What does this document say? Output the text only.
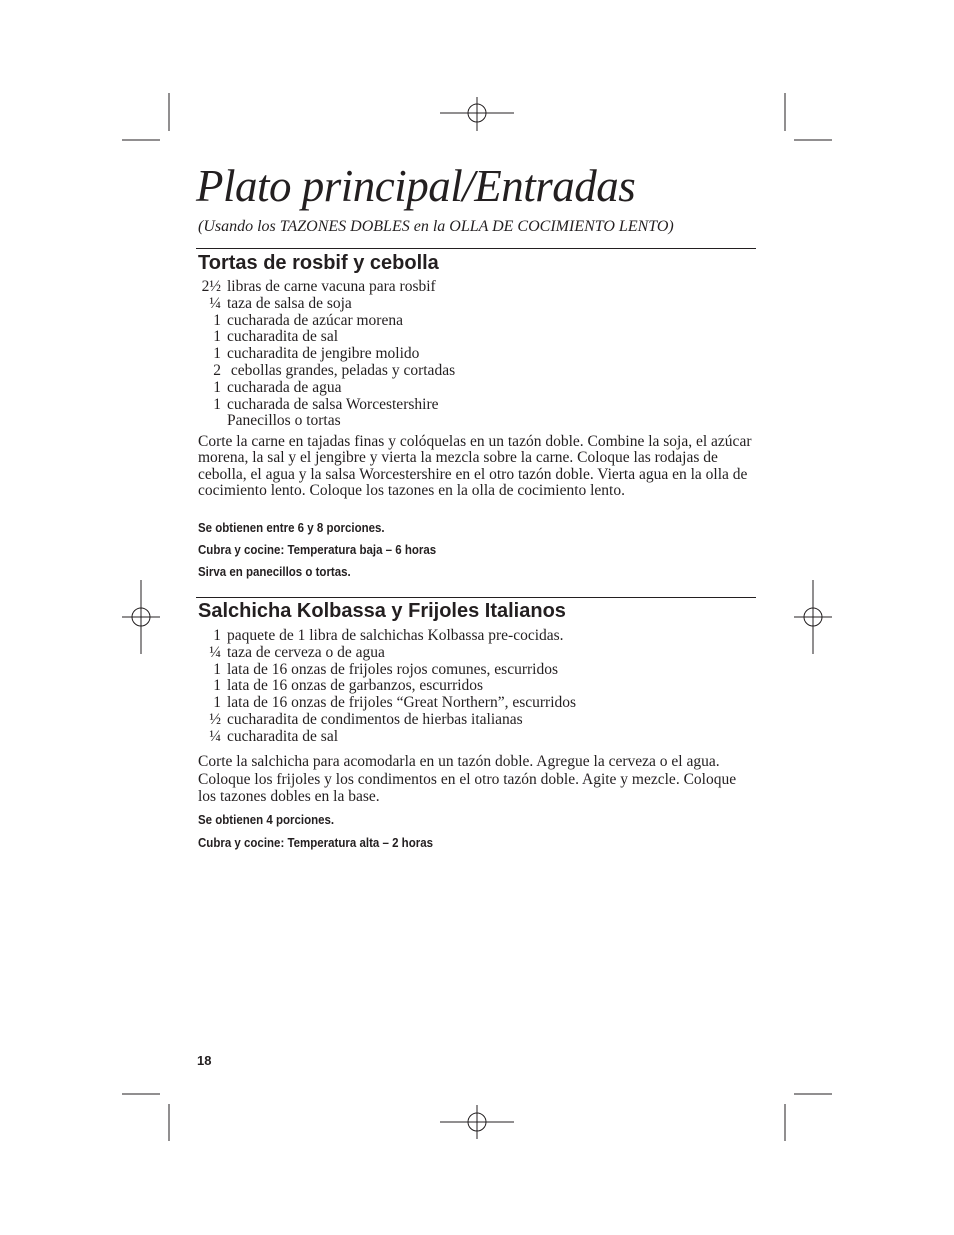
Plato principal/Entradas
(Usando los TAZONES DOBLES en la OLLA DE COCIMIENTO LENTO)
Tortas de rosbif y cebolla
2½ libras de carne vacuna para rosbif
¼ taza de salsa de soja
1 cucharada de azúcar morena
1 cucharadita de sal
1 cucharadita de jengibre molido
2 cebollas grandes, peladas y cortadas
1 cucharada de agua
1 cucharada de salsa Worcestershire
Panecillos o tortas

Corte la carne en tajadas finas y colóquelas en un tazón doble. Combine la soja, el azúcar morena, la sal y el jengibre y vierta la mezcla sobre la carne. Coloque las rodajas de cebolla, el agua y la salsa Worcestershire en el otro tazón doble. Vierta agua en la olla de cocimiento lento. Coloque los tazones en la olla de cocimiento lento.

Se obtienen entre 6 y 8 porciones.

Cubra y cocine: Temperatura baja – 6 horas

Sirva en panecillos o tortas.

Salchicha Kolbassa y Frijoles Italianos
1 paquete de 1 libra de salchichas Kolbassa pre-cocidas.
¼ taza de cerveza o de agua
1 lata de 16 onzas de frijoles rojos comunes, escurridos
1 lata de 16 onzas de garbanzos, escurridos
1 lata de 16 onzas de frijoles “Great Northern”, escurridos
½ cucharadita de condimentos de hierbas italianas
¼ cucharadita de sal

Corte la salchicha para acomodarla en un tazón doble. Agregue la cerveza o el agua. Coloque los frijoles y los condimentos en el otro tazón doble. Agite y mezcle. Coloque los tazones dobles en la base.

Se obtienen 4 porciones.

Cubra y cocine: Temperatura alta – 2 horas

18
